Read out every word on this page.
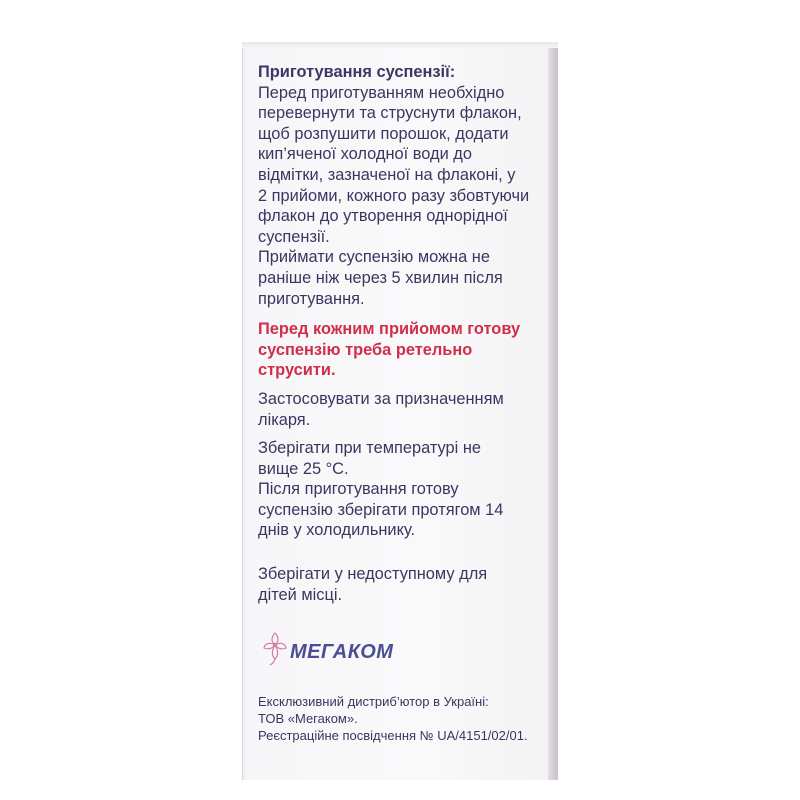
Приготування суспензії:

Перед приготуванням необхідно

перевернути та струснути флакон,

щоб розпушити порошок, додати

кип’яченої холодної води до

відмітки, зазначеної на флаконі, у

2 прийоми, кожного разу збовтуючи

флакон до утворення однорідної

суспензії.

Приймати суспензію можна не

раніше ніж через 5 хвилин після

приготування.

Перед кожним прийомом готову

суспензію треба ретельно

струсити.

Застосовувати за призначенням

лікаря.

Зберігати при температурі не

вище 25 °С.

Після приготування готову

суспензію зберігати протягом 14

днів у холодильнику.

Зберігати у недоступному для

дітей місці.

МЕГАКОМ

Ексклюзивний дистриб’ютор в Україні:

ТОВ «Мегаком».

Реєстраційне посвідчення № UA/4151/02/01.
